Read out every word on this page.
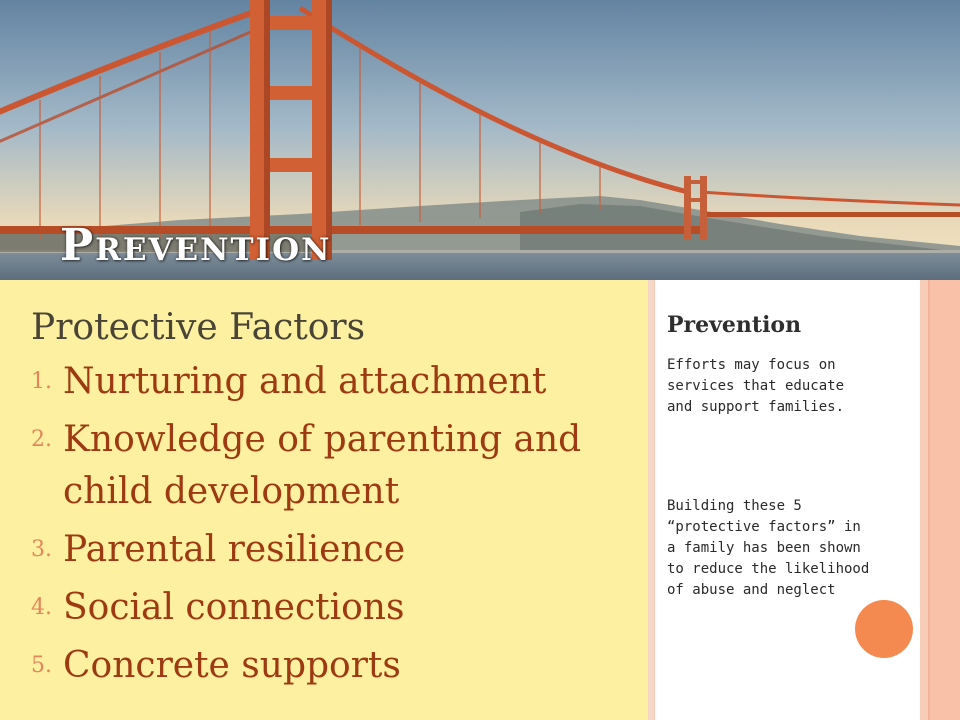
Prevention
Protective Factors
1 . Nurturing and attachment
2 . Knowledge of parenting and child development
3 . Parental resilience
4 . Social connections
5 . Concrete supports
Prevention

Efforts may focus on services that educate and support families.

Building these 5 “protective factors” in a family has been shown to reduce the likelihood of abuse and neglect
